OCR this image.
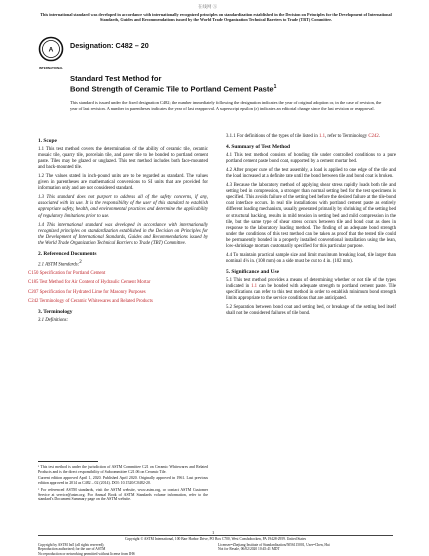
在线网 Ⓐ
This international standard was developed in accordance with internationally recognized principles on standardization established in the Decision on Principles for the Development of International Standards, Guides and Recommendations issued by the World Trade Organization Technical Barriers to Trade (TBT) Committee.
A
INTERNATIONAL
Designation: C482 – 20
Standard Test Method for
Bond Strength of Ceramic Tile to Portland Cement Paste$^1$
This standard is issued under the fixed designation C482; the number immediately following the designation indicates the year of original adoption or, in the case of revision, the year of last revision. A number in parentheses indicates the year of last reapproval. A superscript epsilon (ε) indicates an editorial change since the last revision or reapproval.
1. Scope

1.1 This test method covers the determination of the ability of ceramic tile, ceramic mosaic tile, quarry tile, porcelain tile, and paver tile to be bonded to portland cement paste. Tiles may be glazed or unglazed. This test method includes both face-mounted and back-mounted tile.

1.2 The values stated in inch-pound units are to be regarded as standard. The values given in parentheses are mathematical conversions to SI units that are provided for information only and are not considered standard.

1.3 This standard does not purport to address all of the safety concerns, if any, associated with its use. It is the responsibility of the user of this standard to establish appropriate safety, health, and environmental practices and determine the applicability of regulatory limitations prior to use.

1.4 This international standard was developed in accordance with internationally recognized principles on standardization established in the Decision on Principles for the Development of International Standards, Guides and Recommendations issued by the World Trade Organization Technical Barriers to Trade (TBT) Committee.

2. Referenced Documents

2.1 ASTM Standards:2

C150 Specification for Portland Cement

C185 Test Method for Air Content of Hydraulic Cement Mortar

C207 Specification for Hydrated Lime for Masonry Purposes

C242 Terminology of Ceramic Whitewares and Related Products

3. Terminology

3.1 Definitions:

¹ This test method is under the jurisdiction of ASTM Committee C21 on Ceramic Whitewares and Related Products and is the direct responsibility of Subcommittee C21.06 on Ceramic Tile.

Current edition approved April 1, 2020. Published April 2020. Originally approved in 1961. Last previous edition approved in 2014 as C482 – 02 (2014). DOI: 10.1520/C0482-20.

² For referenced ASTM standards, visit the ASTM website, www.astm.org, or contact ASTM Customer Service at service@astm.org. For Annual Book of ASTM Standards volume information, refer to the standard's Document Summary page on the ASTM website.

3.1.1 For definitions of the types of tile listed in 1.1, refer to Terminology C242.

4. Summary of Test Method

4.1 This test method consists of bonding tile under controlled conditions to a pure portland cement paste bond coat, supported by a cement mortar bed.

4.2 After proper cure of the test assembly, a load is applied to one edge of the tile and the load increased at a definite rate until the bond between tile and bond coat is broken.

4.3 Because the laboratory method of applying shear stress rapidly loads both tile and setting bed in compression, a stronger than normal setting bed for the test specimens is specified. This avoids failure of the setting bed before the desired failure at the tile-bond coat interface occurs. In real tile installations with portland cement paste as entirely different loading mechanism, usually generated primarily by shrinking of the setting bed or structural backing, results in mild tension in setting bed and mild compression in the tile, but the same type of shear stress occurs between tile and bond coat as does in response to the laboratory loading method. The finding of an adequate bond strength under the conditions of this test method can be taken as proof that the tested tile could be permanently bonded in a properly installed conventional installation using the lean, low-shrinkage mortars customarily specified for this particular purpose.

4.4 To maintain practical sample size and limit maximum breaking load, tile larger than nominal 4¼ in. (108 mm) on a side must be cut to 4 in. (102 mm).

5. Significance and Use

5.1 This test method provides a means of determining whether or not tile of the types indicated in 1.1 can be bonded with adequate strength to portland cement paste. Tile specifications can refer to this test method in order to establish minimum bond strength limits appropriate to the service conditions that are anticipated.

5.2 Separation between bond coat and setting bed, or breakage of the setting bed itself shall not be considered failures of tile bond.

1
Copyright © ASTM International, 100 Barr Harbor Drive, PO Box C700, West Conshohocken, PA 19428-2959. United States
Copyright by ASTM Int'l (all rights reserved);
Reproduction authorized; for the use of ASTM
No reproduction or networking permitted without license from IHS
Licensee=Zhejiang Institute of Standardization/5056115001, User=Chen, Hai
Not for Resale, 06/02/2020 10:45:41 MDT
